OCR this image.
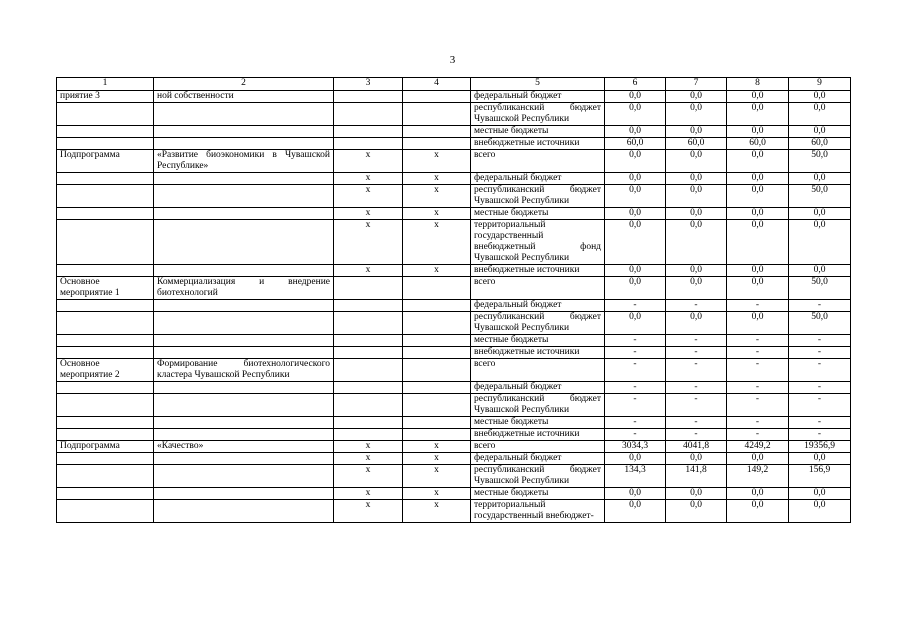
3
1	2	3	4	5	6	7	8	9
приятие 3	ной собственности			федеральный бюджет	0,0	0,0	0,0	0,0
				республиканский бюджет Чувашской Республики	0,0	0,0	0,0	0,0
				местные бюджеты	0,0	0,0	0,0	0,0
				внебюджетные источники	60,0	60,0	60,0	60,0
Подпрограмма	«Развитие биоэкономики в Чувашской Республике»	x	x	всего	0,0	0,0	0,0	50,0
		x	x	федеральный бюджет	0,0	0,0	0,0	0,0
		x	x	республиканский бюджет Чувашской Республики	0,0	0,0	0,0	50,0
		x	x	местные бюджеты	0,0	0,0	0,0	0,0
		x	x	территориальный государственный внебюджетный фонд Чувашской Республики	0,0	0,0	0,0	0,0
		x	x	внебюджетные источники	0,0	0,0	0,0	0,0
Основное мероприятие 1	Коммерциализация и внедрение биотехнологий			всего	0,0	0,0	0,0	50,0
				федеральный бюджет	-	-	-	-
				республиканский бюджет Чувашской Республики	0,0	0,0	0,0	50,0
				местные бюджеты	-	-	-	-
				внебюджетные источники	-	-	-	-
Основное мероприятие 2	Формирование биотехнологического кластера Чувашской Республики			всего	-	-	-	-
				федеральный бюджет	-	-	-	-
				республиканский бюджет Чувашской Республики	-	-	-	-
				местные бюджеты	-	-	-	-
				внебюджетные источники	-	-	-	-
Подпрограмма	«Качество»	x	x	всего	3034,3	4041,8	4249,2	19356,9
		x	x	федеральный бюджет	0,0	0,0	0,0	0,0
		x	x	республиканский бюджет Чувашской Республики	134,3	141,8	149,2	156,9
		x	x	местные бюджеты	0,0	0,0	0,0	0,0
		x	x	территориальный государственный внебюджет-	0,0	0,0	0,0	0,0
